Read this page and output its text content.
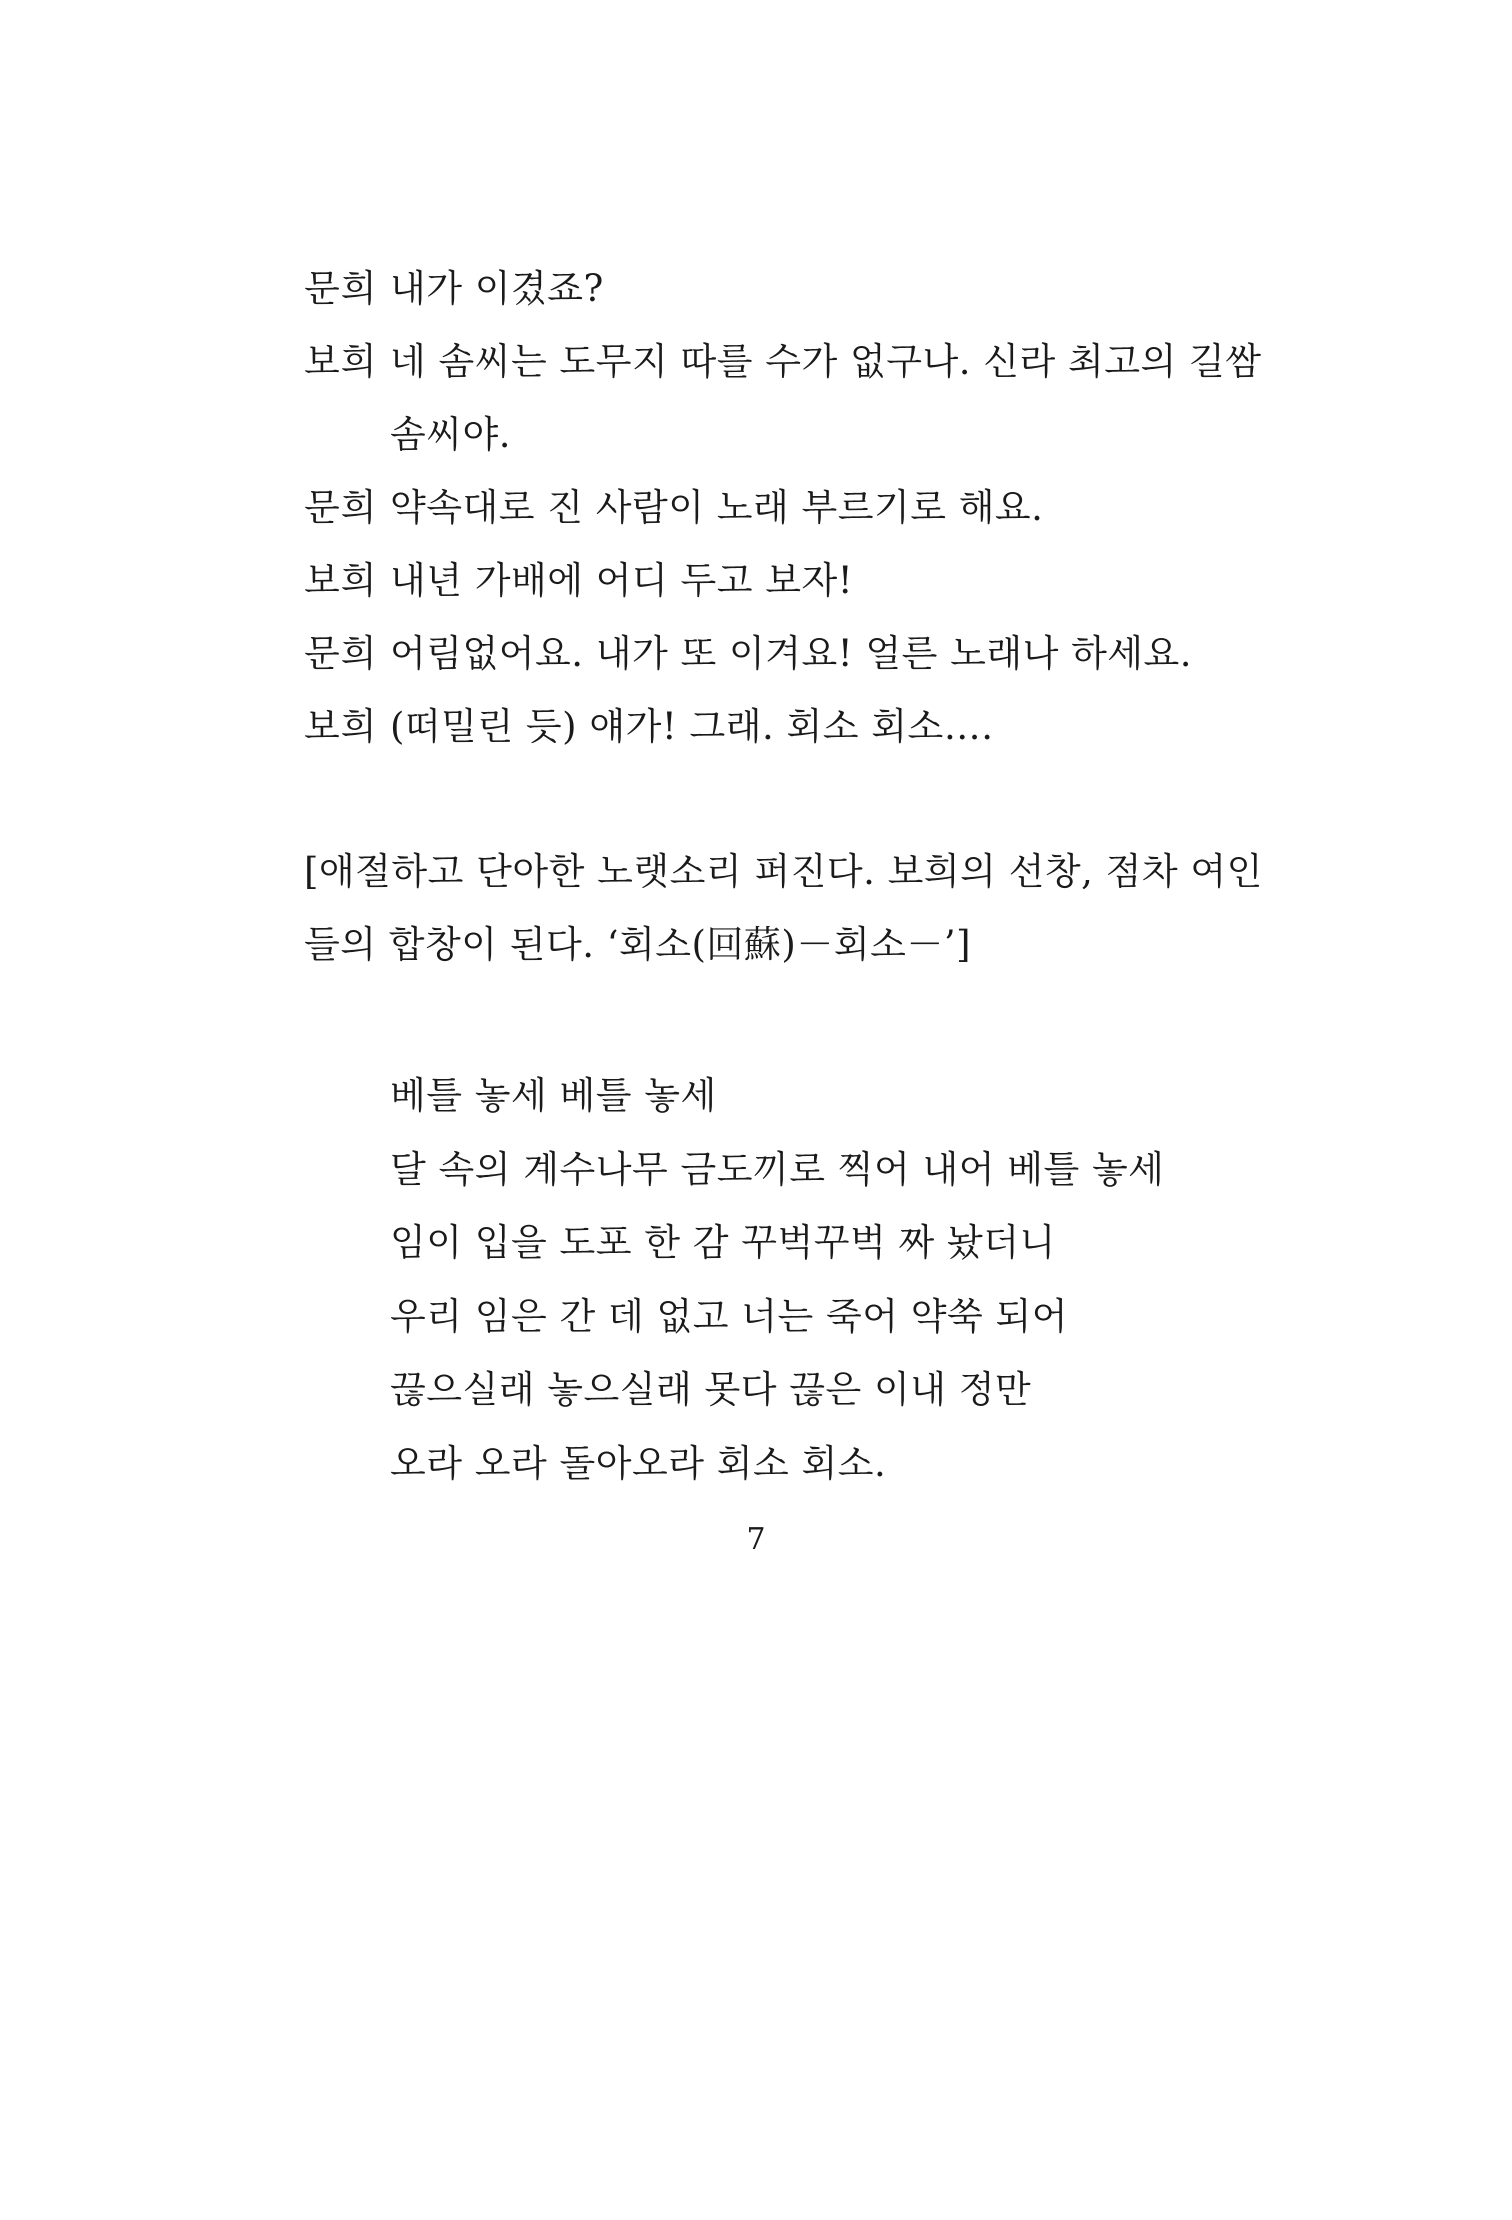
문희 내가 이겼죠?
보희 네 솜씨는 도무지 따를 수가 없구나. 신라 최고의 길쌈
솜씨야.
문희 약속대로 진 사람이 노래 부르기로 해요.
보희 내년 가배에 어디 두고 보자!
문희 어림없어요. 내가 또 이겨요! 얼른 노래나 하세요.
보희 (떠밀린 듯) 얘가! 그래. 회소 회소….
[애절하고 단아한 노랫소리 퍼진다. 보희의 선창, 점차 여인
들의 합창이 된다. ‘회소(回蘇)－회소－’]
베틀 놓세 베틀 놓세
달 속의 계수나무 금도끼로 찍어 내어 베틀 놓세
임이 입을 도포 한 감 꾸벅꾸벅 짜 놨더니
우리 임은 간 데 없고 너는 죽어 약쑥 되어
끊으실래 놓으실래 못다 끊은 이내 정만
오라 오라 돌아오라 회소 회소.
7
